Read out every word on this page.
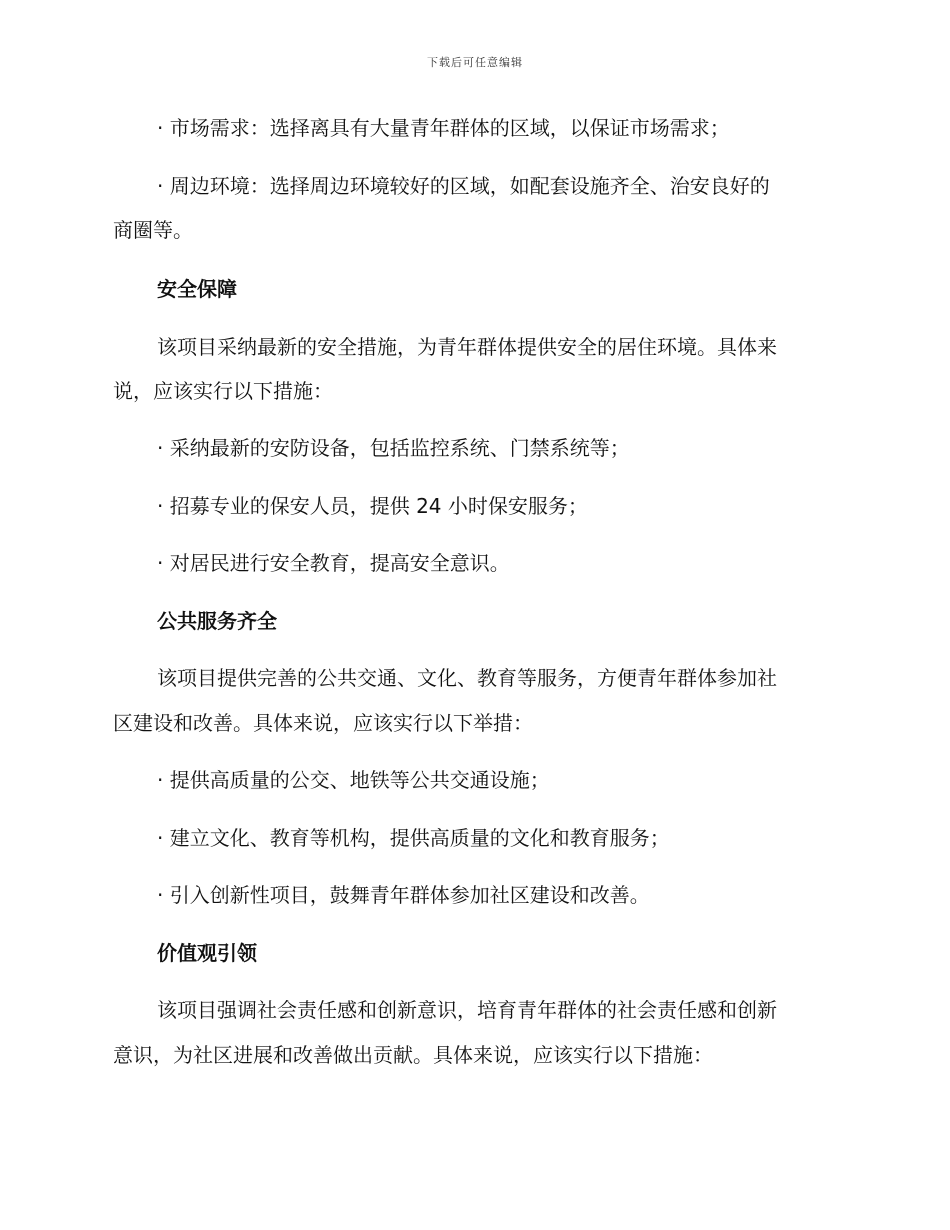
下载后可任意编辑
· 市场需求：选择离具有大量青年群体的区域，以保证市场需求；
· 周边环境：选择周边环境较好的区域，如配套设施齐全、治安良好的
商圈等。
安全保障
该项目采纳最新的安全措施，为青年群体提供安全的居住环境。具体来
说，应该实行以下措施：
· 采纳最新的安防设备，包括监控系统、门禁系统等；
· 招募专业的保安人员，提供 24 小时保安服务；
· 对居民进行安全教育，提高安全意识。
公共服务齐全
该项目提供完善的公共交通、文化、教育等服务，方便青年群体参加社
区建设和改善。具体来说，应该实行以下举措：
· 提供高质量的公交、地铁等公共交通设施；
· 建立文化、教育等机构，提供高质量的文化和教育服务；
· 引入创新性项目，鼓舞青年群体参加社区建设和改善。
价值观引领
该项目强调社会责任感和创新意识，培育青年群体的社会责任感和创新
意识，为社区进展和改善做出贡献。具体来说，应该实行以下措施：
